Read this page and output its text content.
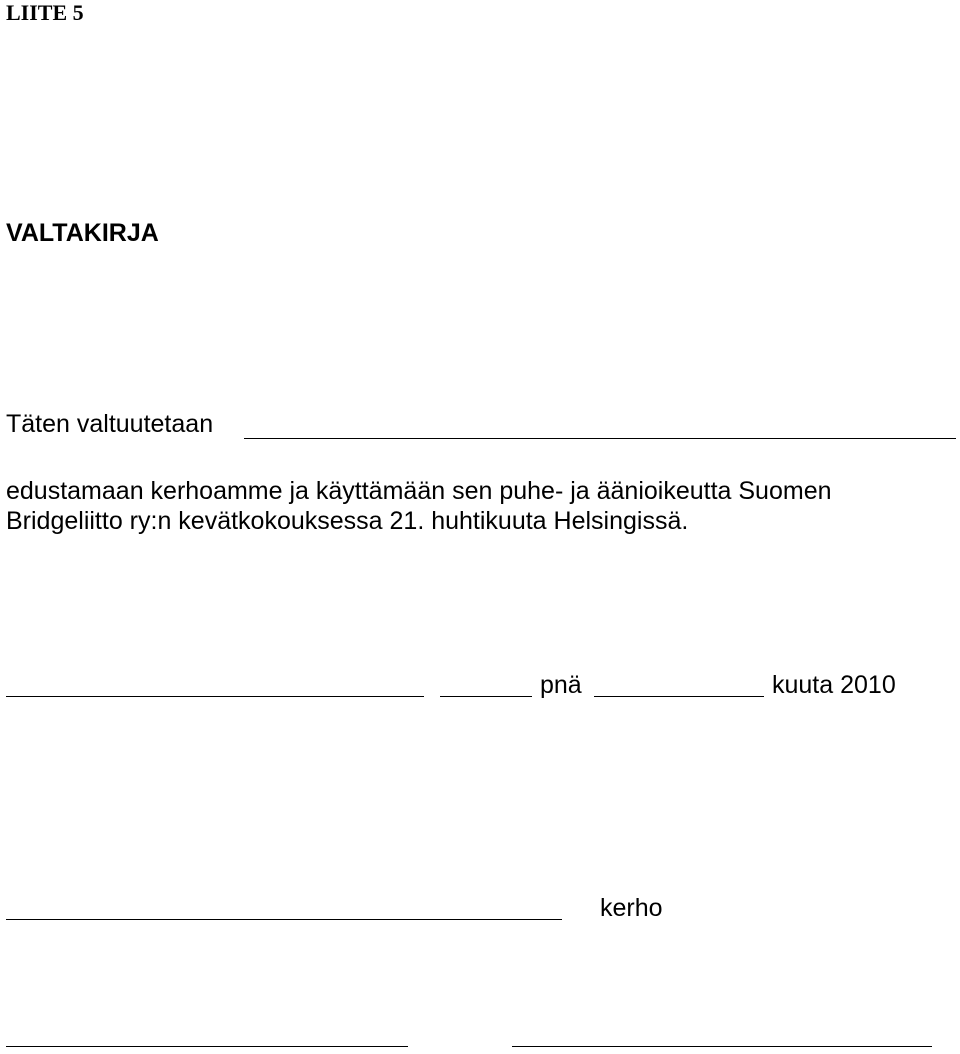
LIITE 5
VALTAKIRJA
Täten valtuutetaan
edustamaan kerhoamme ja käyttämään sen puhe- ja äänioikeutta Suomen
Bridgeliitto ry:n kevätkokouksessa 21. huhtikuuta Helsingissä.
pnä	kuuta 2010
kerho
